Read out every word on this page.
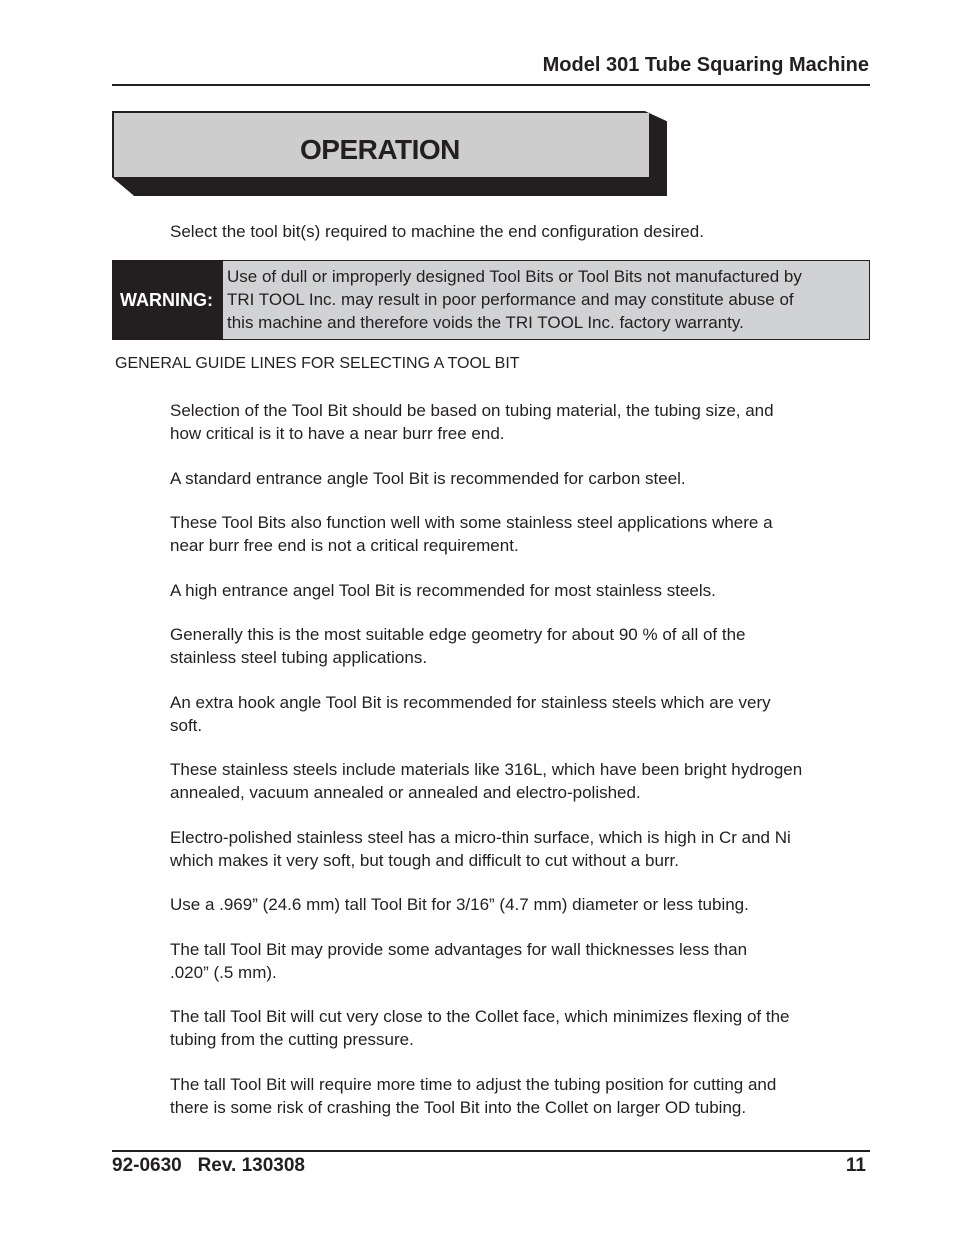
Model 301 Tube Squaring Machine
OPERATION
Select the tool bit(s) required to machine the end configuration desired.
WARNING:
Use of dull or improperly designed Tool Bits or Tool Bits not manufactured by
TRI TOOL Inc. may result in poor performance and may constitute abuse of
this machine and therefore voids the TRI TOOL Inc. factory warranty.
GENERAL GUIDE LINES FOR SELECTING A TOOL BIT
Selection of the Tool Bit should be based on tubing material, the tubing size, and
how critical is it to have a near burr free end.
A standard entrance angle Tool Bit is recommended for carbon steel.
These Tool Bits also function well with some stainless steel applications where a
near burr free end is not a critical requirement.
A high entrance angel Tool Bit is recommended for most stainless steels.
Generally this is the most suitable edge geometry for about 90 % of all of the
stainless steel tubing applications.
An extra hook angle Tool Bit is recommended for stainless steels which are very
soft.
These stainless steels include materials like 316L, which have been bright hydrogen
annealed, vacuum annealed or annealed and electro-polished.
Electro-polished stainless steel has a micro-thin surface, which is high in Cr and Ni
which makes it very soft, but tough and difficult to cut without a burr.
Use a .969” (24.6 mm) tall Tool Bit for 3/16” (4.7 mm) diameter or less tubing.
The tall Tool Bit may provide some advantages for wall thicknesses less than
.020” (.5 mm).
The tall Tool Bit will cut very close to the Collet face, which minimizes flexing of the
tubing from the cutting pressure.
The tall Tool Bit will require more time to adjust the tubing position for cutting and
there is some risk of crashing the Tool Bit into the Collet on larger OD tubing.
92-0630 Rev. 130308	11
